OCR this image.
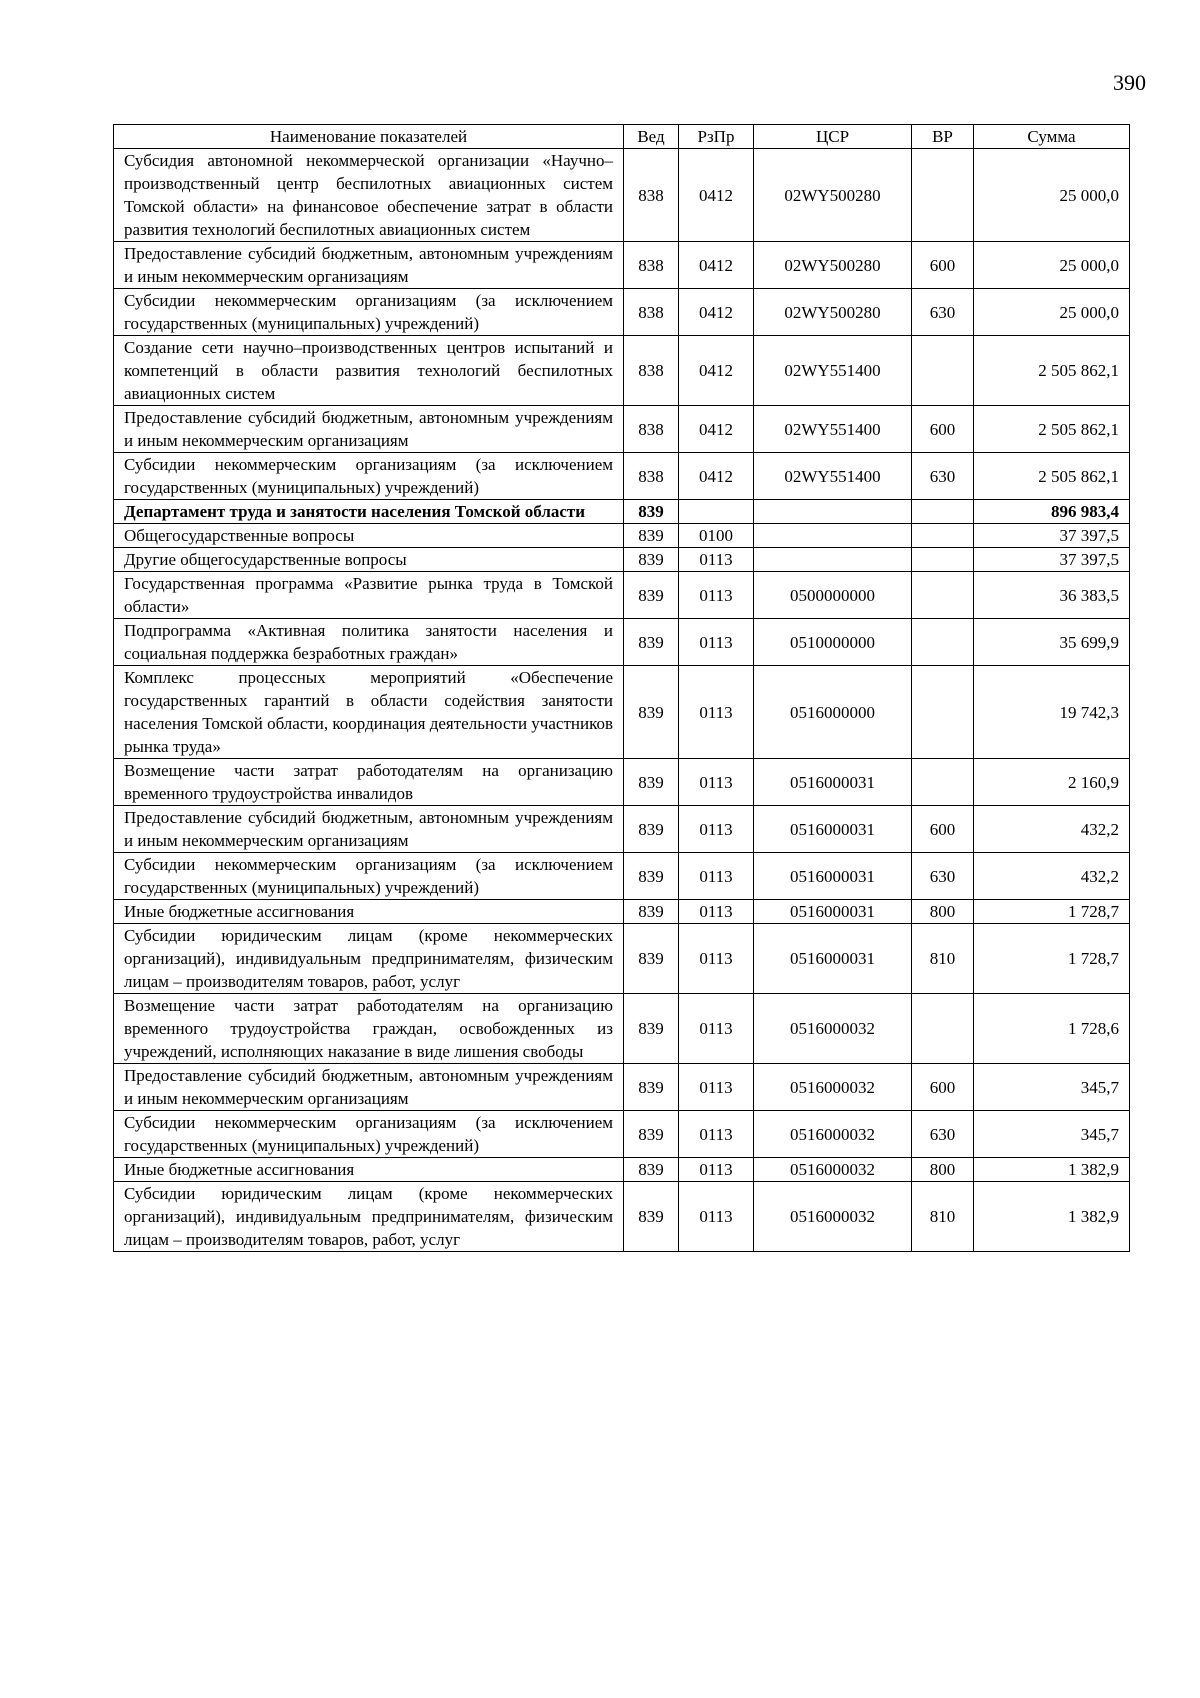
390
Наименование показателей	Вед	РзПр	ЦСР	ВР	Сумма
Субсидия автономной некоммерческой организации «Научно–производственный центр беспилотных авиационных систем Томской области» на финансовое обеспечение затрат в области развития технологий беспилотных авиационных систем	838	0412	02WY500280		25 000,0
Предоставление субсидий бюджетным, автономным учреждениям и иным некоммерческим организациям	838	0412	02WY500280	600	25 000,0
Субсидии некоммерческим организациям (за исключением государственных (муниципальных) учреждений)	838	0412	02WY500280	630	25 000,0
Создание сети научно–производственных центров испытаний и компетенций в области развития технологий беспилотных авиационных систем	838	0412	02WY551400		2 505 862,1
Предоставление субсидий бюджетным, автономным учреждениям и иным некоммерческим организациям	838	0412	02WY551400	600	2 505 862,1
Субсидии некоммерческим организациям (за исключением государственных (муниципальных) учреждений)	838	0412	02WY551400	630	2 505 862,1
Департамент труда и занятости населения Томской области	839				896 983,4
Общегосударственные вопросы	839	0100			37 397,5
Другие общегосударственные вопросы	839	0113			37 397,5
Государственная программа «Развитие рынка труда в Томской области»	839	0113	0500000000		36 383,5
Подпрограмма «Активная политика занятости населения и социальная поддержка безработных граждан»	839	0113	0510000000		35 699,9
Комплекс процессных мероприятий «Обеспечение государственных гарантий в области содействия занятости населения Томской области, координация деятельности участников рынка труда»	839	0113	0516000000		19 742,3
Возмещение части затрат работодателям на организацию временного трудоустройства инвалидов	839	0113	0516000031		2 160,9
Предоставление субсидий бюджетным, автономным учреждениям и иным некоммерческим организациям	839	0113	0516000031	600	432,2
Субсидии некоммерческим организациям (за исключением государственных (муниципальных) учреждений)	839	0113	0516000031	630	432,2
Иные бюджетные ассигнования	839	0113	0516000031	800	1 728,7
Субсидии юридическим лицам (кроме некоммерческих организаций), индивидуальным предпринимателям, физическим лицам – производителям товаров, работ, услуг	839	0113	0516000031	810	1 728,7
Возмещение части затрат работодателям на организацию временного трудоустройства граждан, освобожденных из учреждений, исполняющих наказание в виде лишения свободы	839	0113	0516000032		1 728,6
Предоставление субсидий бюджетным, автономным учреждениям и иным некоммерческим организациям	839	0113	0516000032	600	345,7
Субсидии некоммерческим организациям (за исключением государственных (муниципальных) учреждений)	839	0113	0516000032	630	345,7
Иные бюджетные ассигнования	839	0113	0516000032	800	1 382,9
Субсидии юридическим лицам (кроме некоммерческих организаций), индивидуальным предпринимателям, физическим лицам – производителям товаров, работ, услуг	839	0113	0516000032	810	1 382,9
